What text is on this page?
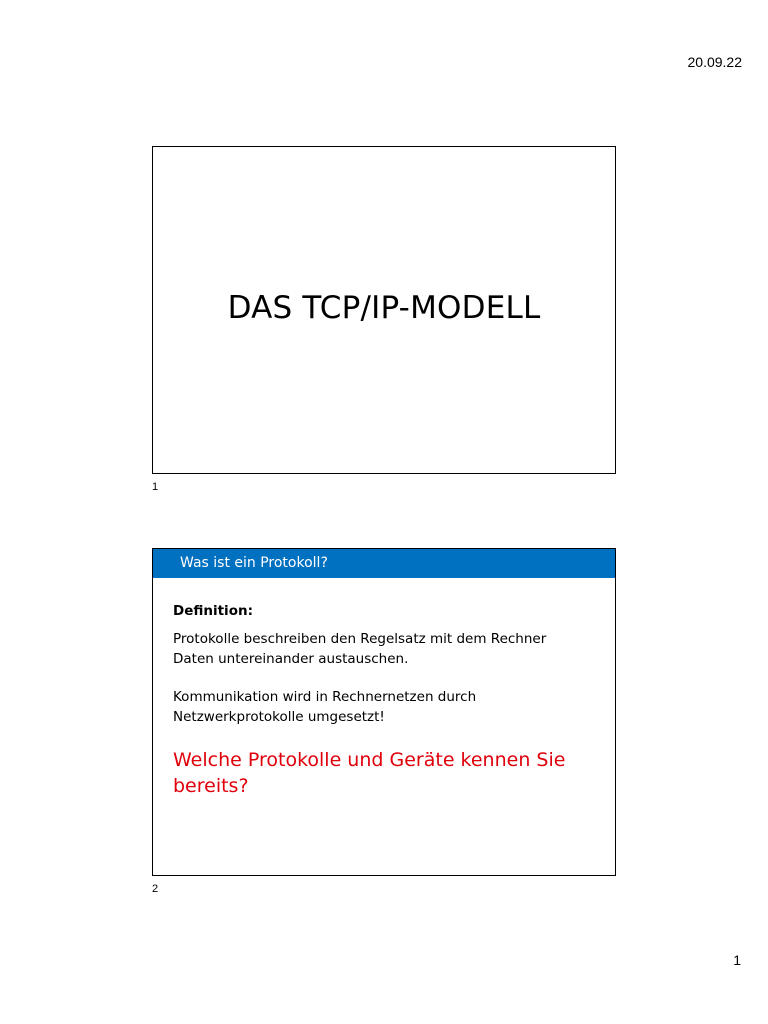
20.09.22
DAS TCP/IP-MODELL
1
Was ist ein Protokoll?

Definition:

Protokolle beschreiben den Regelsatz mit dem Rechner
Daten untereinander austauschen.

Kommunikation wird in Rechnernetzen durch
Netzwerkprotokolle umgesetzt!

Welche Protokolle und Geräte kennen Sie
bereits?

2
1
